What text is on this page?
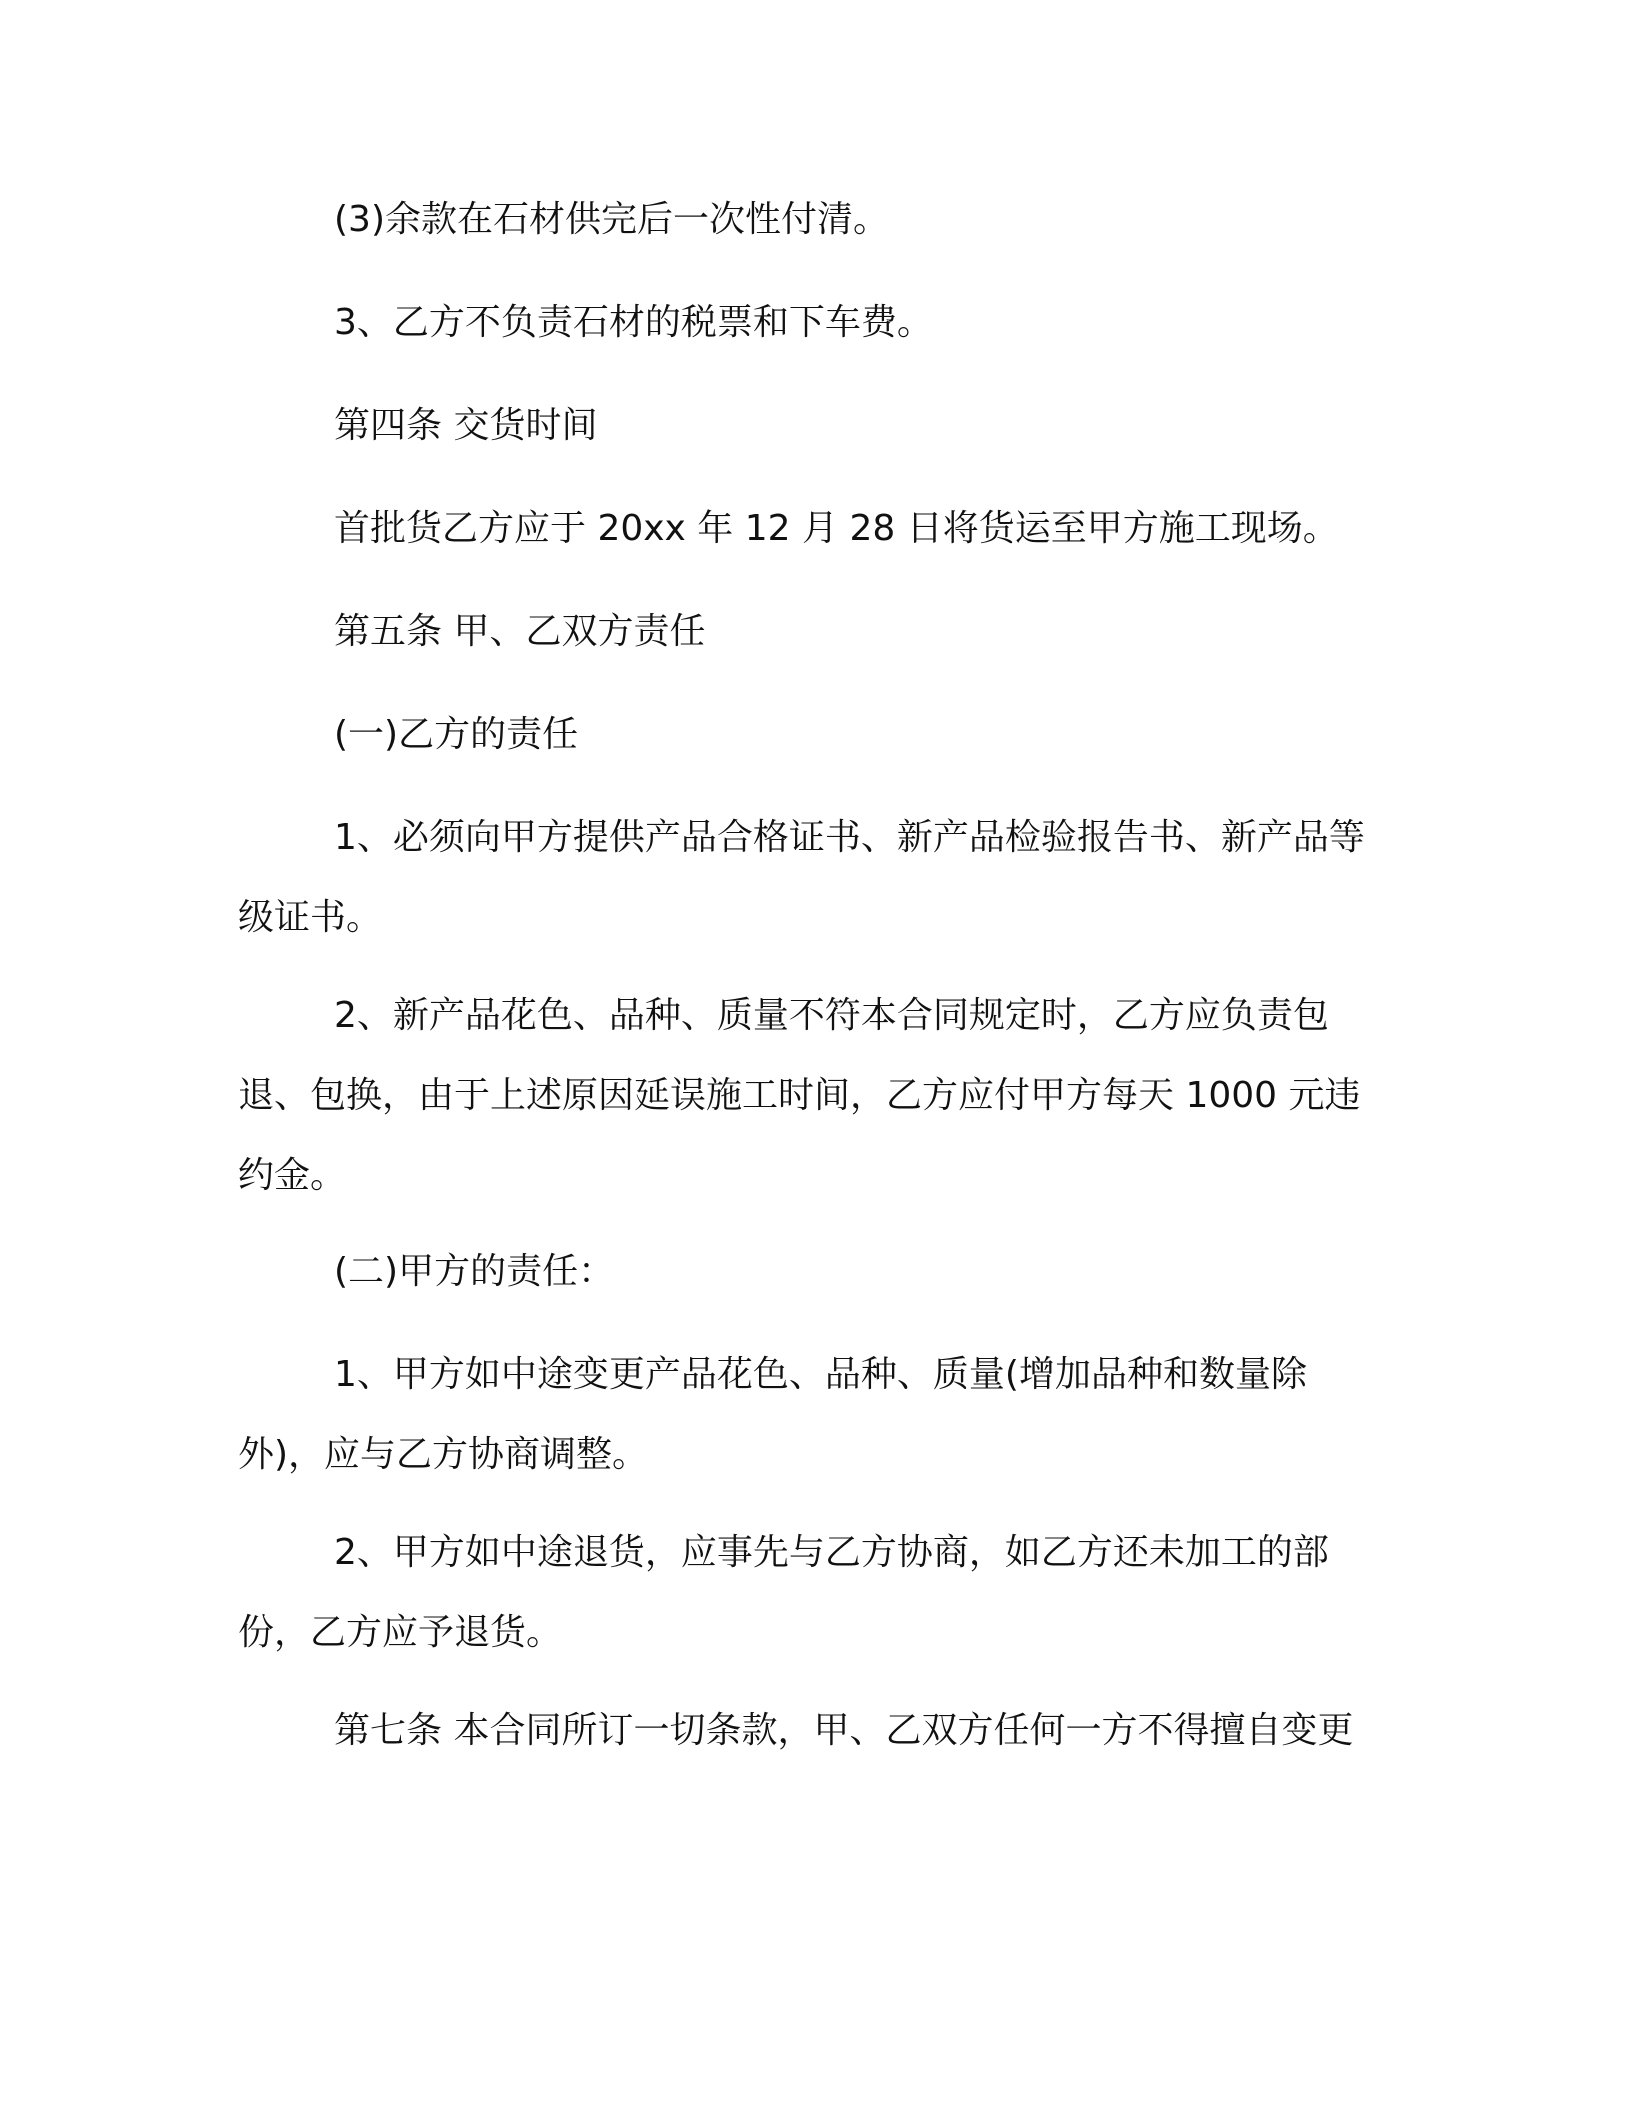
(3)余款在石材供完后一次性付清。

3、乙方不负责石材的税票和下车费。

第四条 交货时间

首批货乙方应于 20xx 年 12 月 28 日将货运至甲方施工现场。

第五条 甲、乙双方责任

(一)乙方的责任

1、必须向甲方提供产品合格证书、新产品检验报告书、新产品等级证书。

2、新产品花色、品种、质量不符本合同规定时，乙方应负责包退、包换，由于上述原因延误施工时间，乙方应付甲方每天 1000 元违约金。

(二)甲方的责任：

1、甲方如中途变更产品花色、品种、质量(增加品种和数量除外)，应与乙方协商调整。

2、甲方如中途退货，应事先与乙方协商，如乙方还未加工的部份，乙方应予退货。

第七条 本合同所订一切条款，甲、乙双方任何一方不得擅自变更
